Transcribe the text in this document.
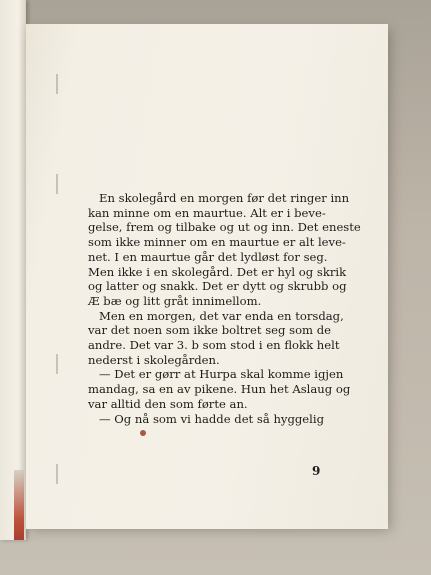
En skolegård en morgen før det ringer inn
kan minne om en maurtue. Alt er i beve-
gelse, frem og tilbake og ut og inn. Det eneste
som ikke minner om en maurtue er alt leve-
net. I en maurtue går det lydløst for seg.
Men ikke i en skolegård. Det er hyl og skrik
og latter og snakk. Det er dytt og skrubb og
Æ bæ og litt gråt innimellom.
Men en morgen, det var enda en torsdag,
var det noen som ikke boltret seg som de
andre. Det var 3. b som stod i en flokk helt
nederst i skolegården.
— Det er gørr at Hurpa skal komme igjen
mandag, sa en av pikene. Hun het Aslaug og
var alltid den som førte an.
— Og nå som vi hadde det så hyggelig
9
